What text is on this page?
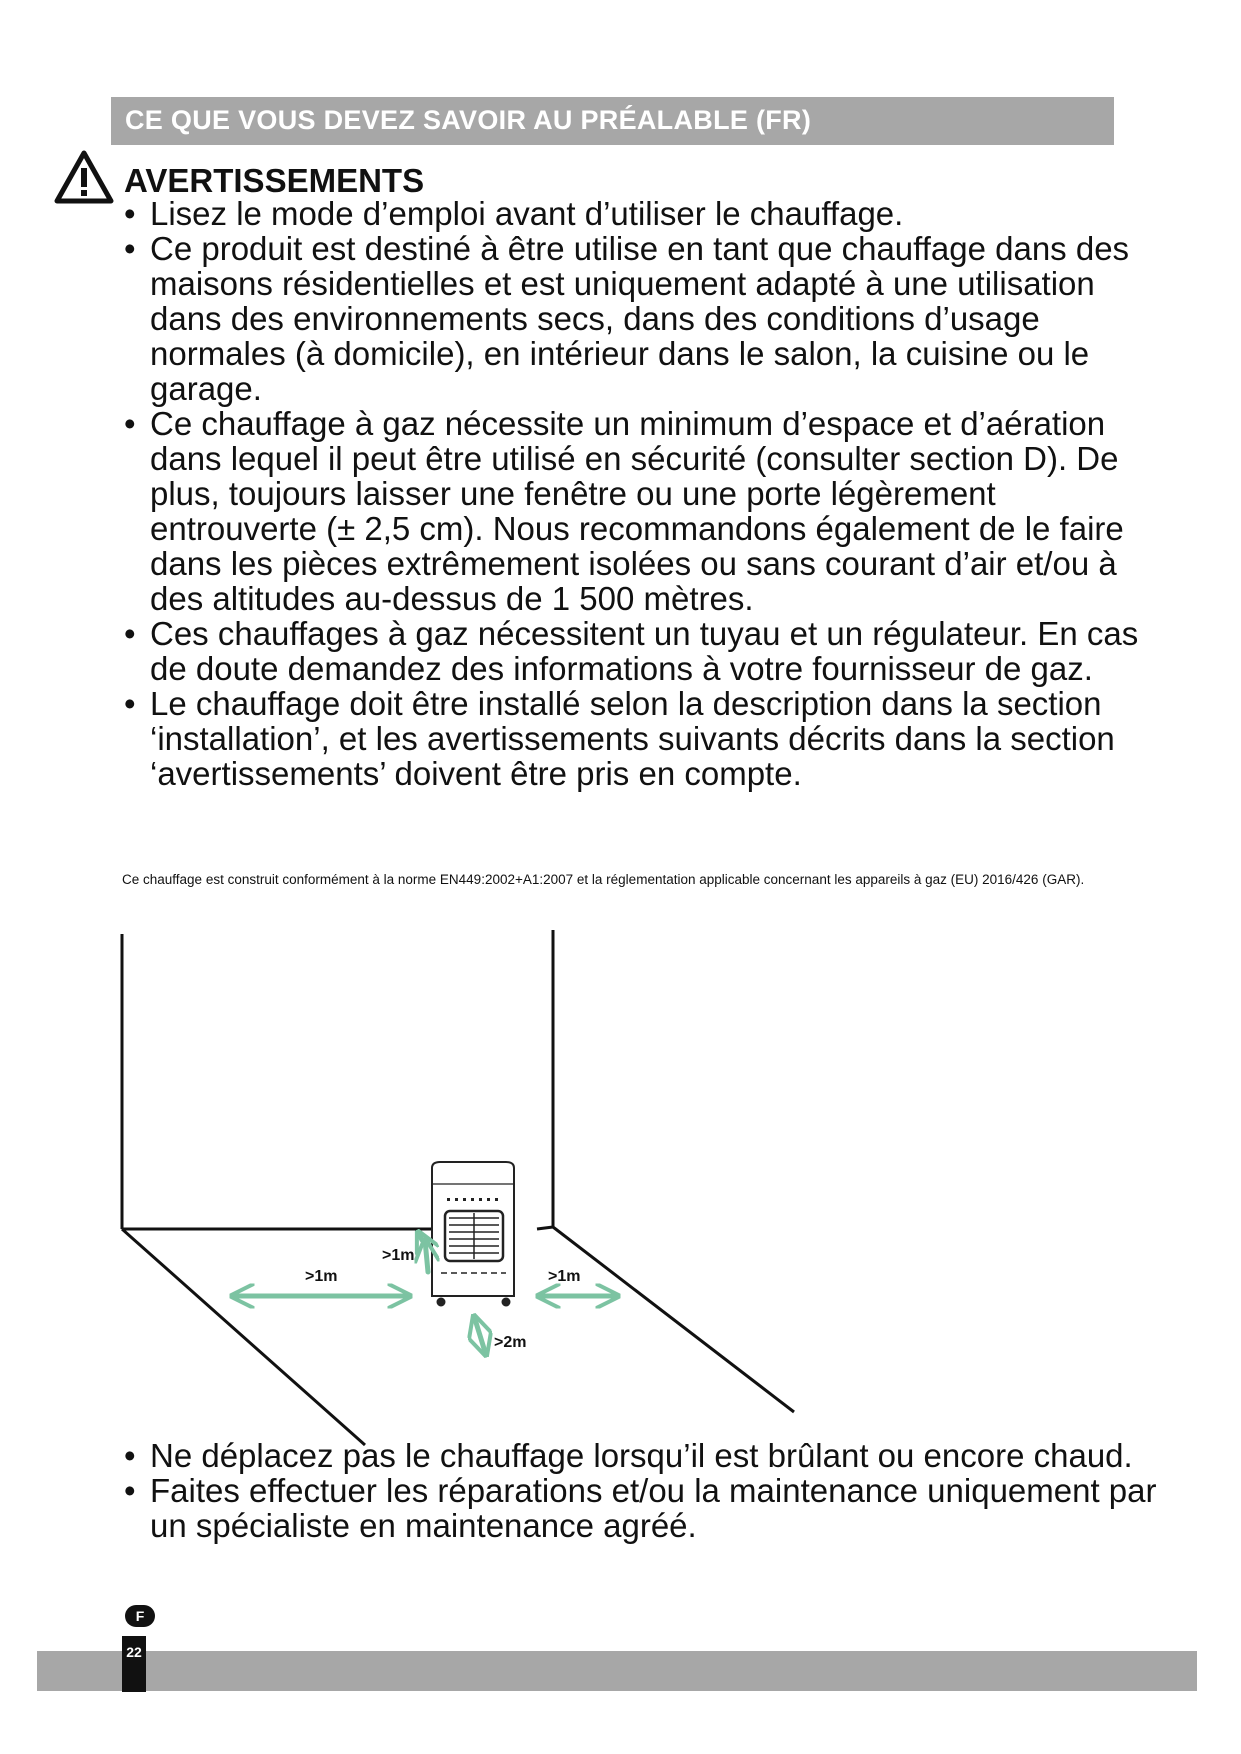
CE QUE VOUS DEVEZ SAVOIR AU PRÉALABLE (FR)
AVERTISSEMENTS
• Lisez le mode d’emploi avant d’utiliser le chauffage.
• Ce produit est destiné à être utilise en tant que chauffage dans des maisons résidentielles et est uniquement adapté à une utilisation dans des environnements secs, dans des conditions d’usage normales (à domicile), en intérieur dans le salon, la cuisine ou le garage.
• Ce chauffage à gaz nécessite un minimum d’espace et d’aération dans lequel il peut être utilisé en sécurité (consulter section D). De plus, toujours laisser une fenêtre ou une porte légèrement entrouverte (± 2,5 cm). Nous recommandons également de le faire dans les pièces extrêmement isolées ou sans courant d’air et/ou à des altitudes au-dessus de 1 500 mètres.
• Ces chauffages à gaz nécessitent un tuyau et un régulateur. En cas de doute demandez des informations à votre fournisseur de gaz.
• Le chauffage doit être installé selon la description dans la section ‘installation’, et les avertissements suivants décrits dans la section ‘avertissements’ doivent être pris en compte.
Ce chauffage est construit conformément à la norme EN449:2002+A1:2007 et la réglementation applicable concernant les appareils à gaz (EU) 2016/426 (GAR).
>1m
>1m	>1m
>2m
• Ne déplacez pas le chauffage lorsqu’il est brûlant ou encore chaud.
• Faites effectuer les réparations et/ou la maintenance uniquement par un spécialiste en maintenance agréé.
F
22
